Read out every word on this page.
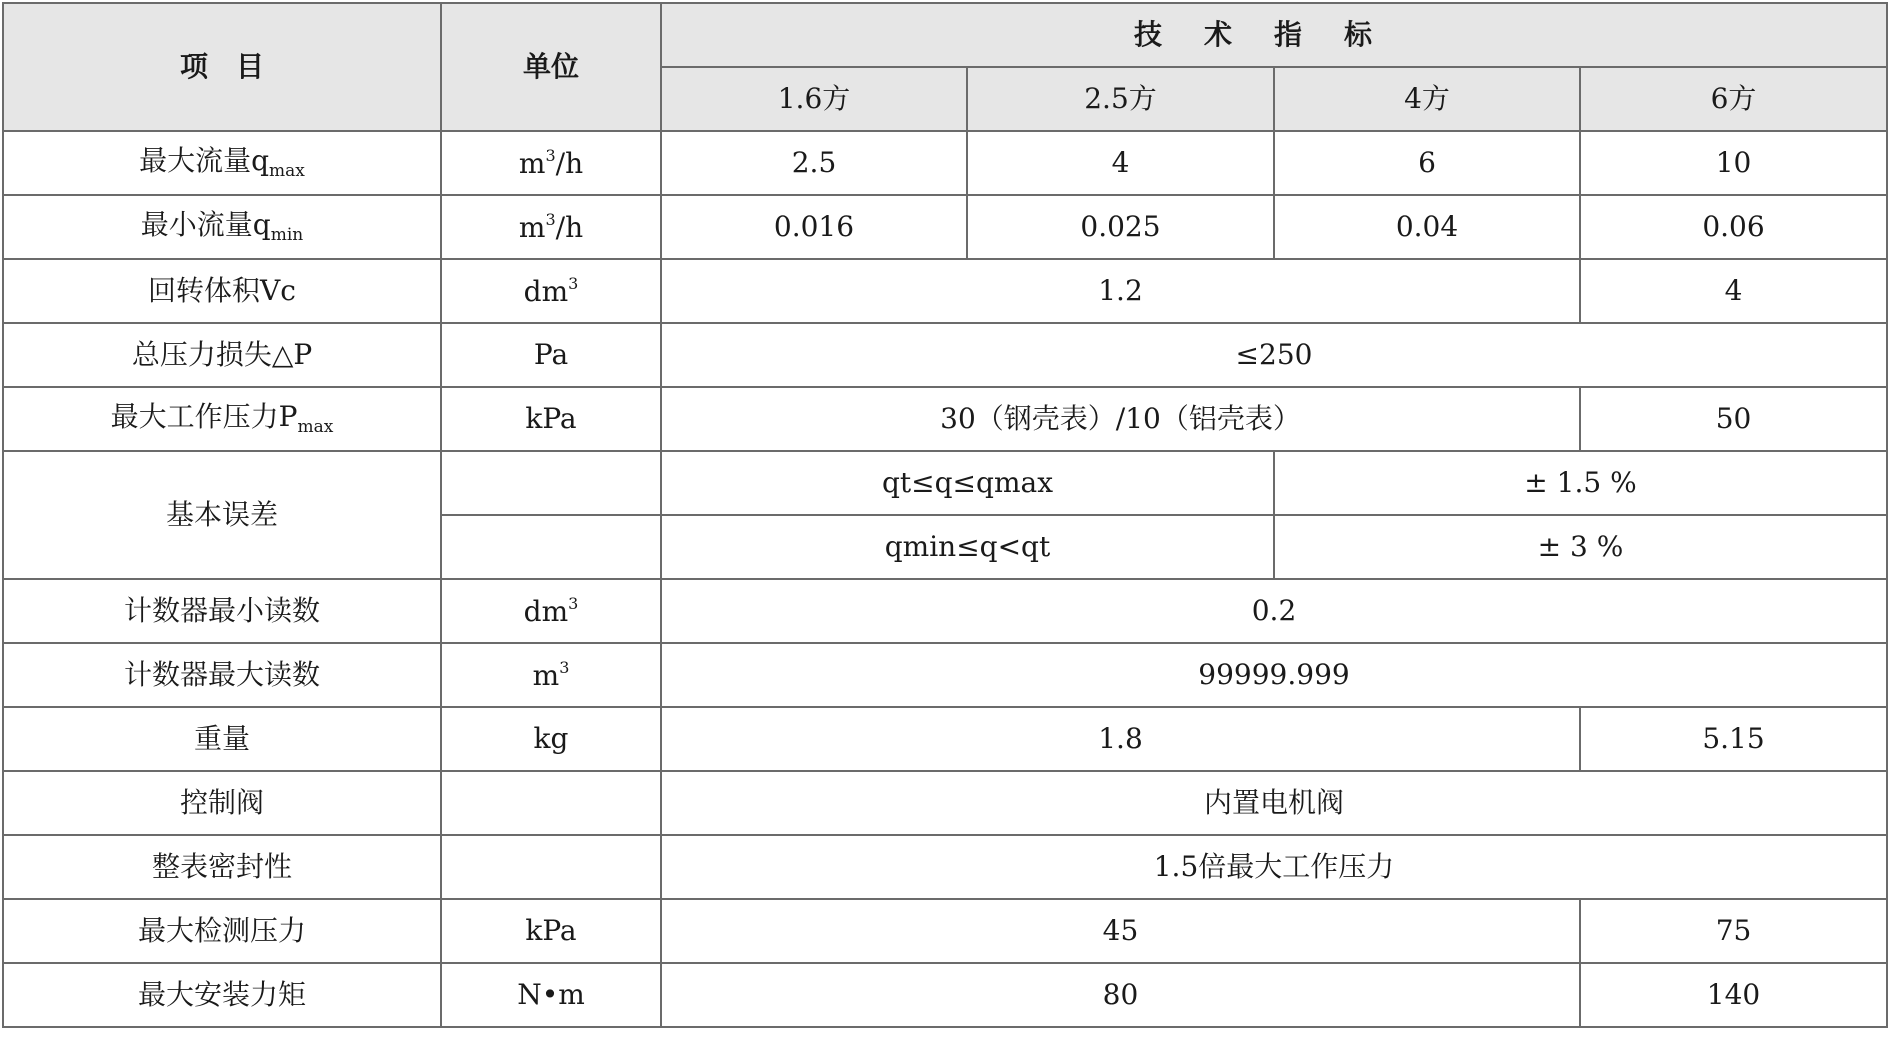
项　目	单位	技术指标			
		1.6方	2.5方	4方	6方
最大流量$q_{max}$	$m^3/h$	2.5	4	6	10
最小流量$q_{min}$	$m^3/h$	0.016	0.025	0.04	0.06
回转体积Vc	$dm^3$	1.2			4
总压力损失△P	Pa	≤250			
最大工作压力$P_{max}$	kPa	30（钢壳表）/10（铝壳表）			50
基本误差		qt≤q≤qmax		± 1.5 %	
		qmin≤q<qt		± 3 %	
计数器最小读数	$dm^3$	0.2			
计数器最大读数	$m^3$	99999.999			
重量	kg	1.8			5.15
控制阀		内置电机阀			
整表密封性		1.5倍最大工作压力			
最大检测压力	kPa	45			75
最大安装力矩	N•m	80			140
